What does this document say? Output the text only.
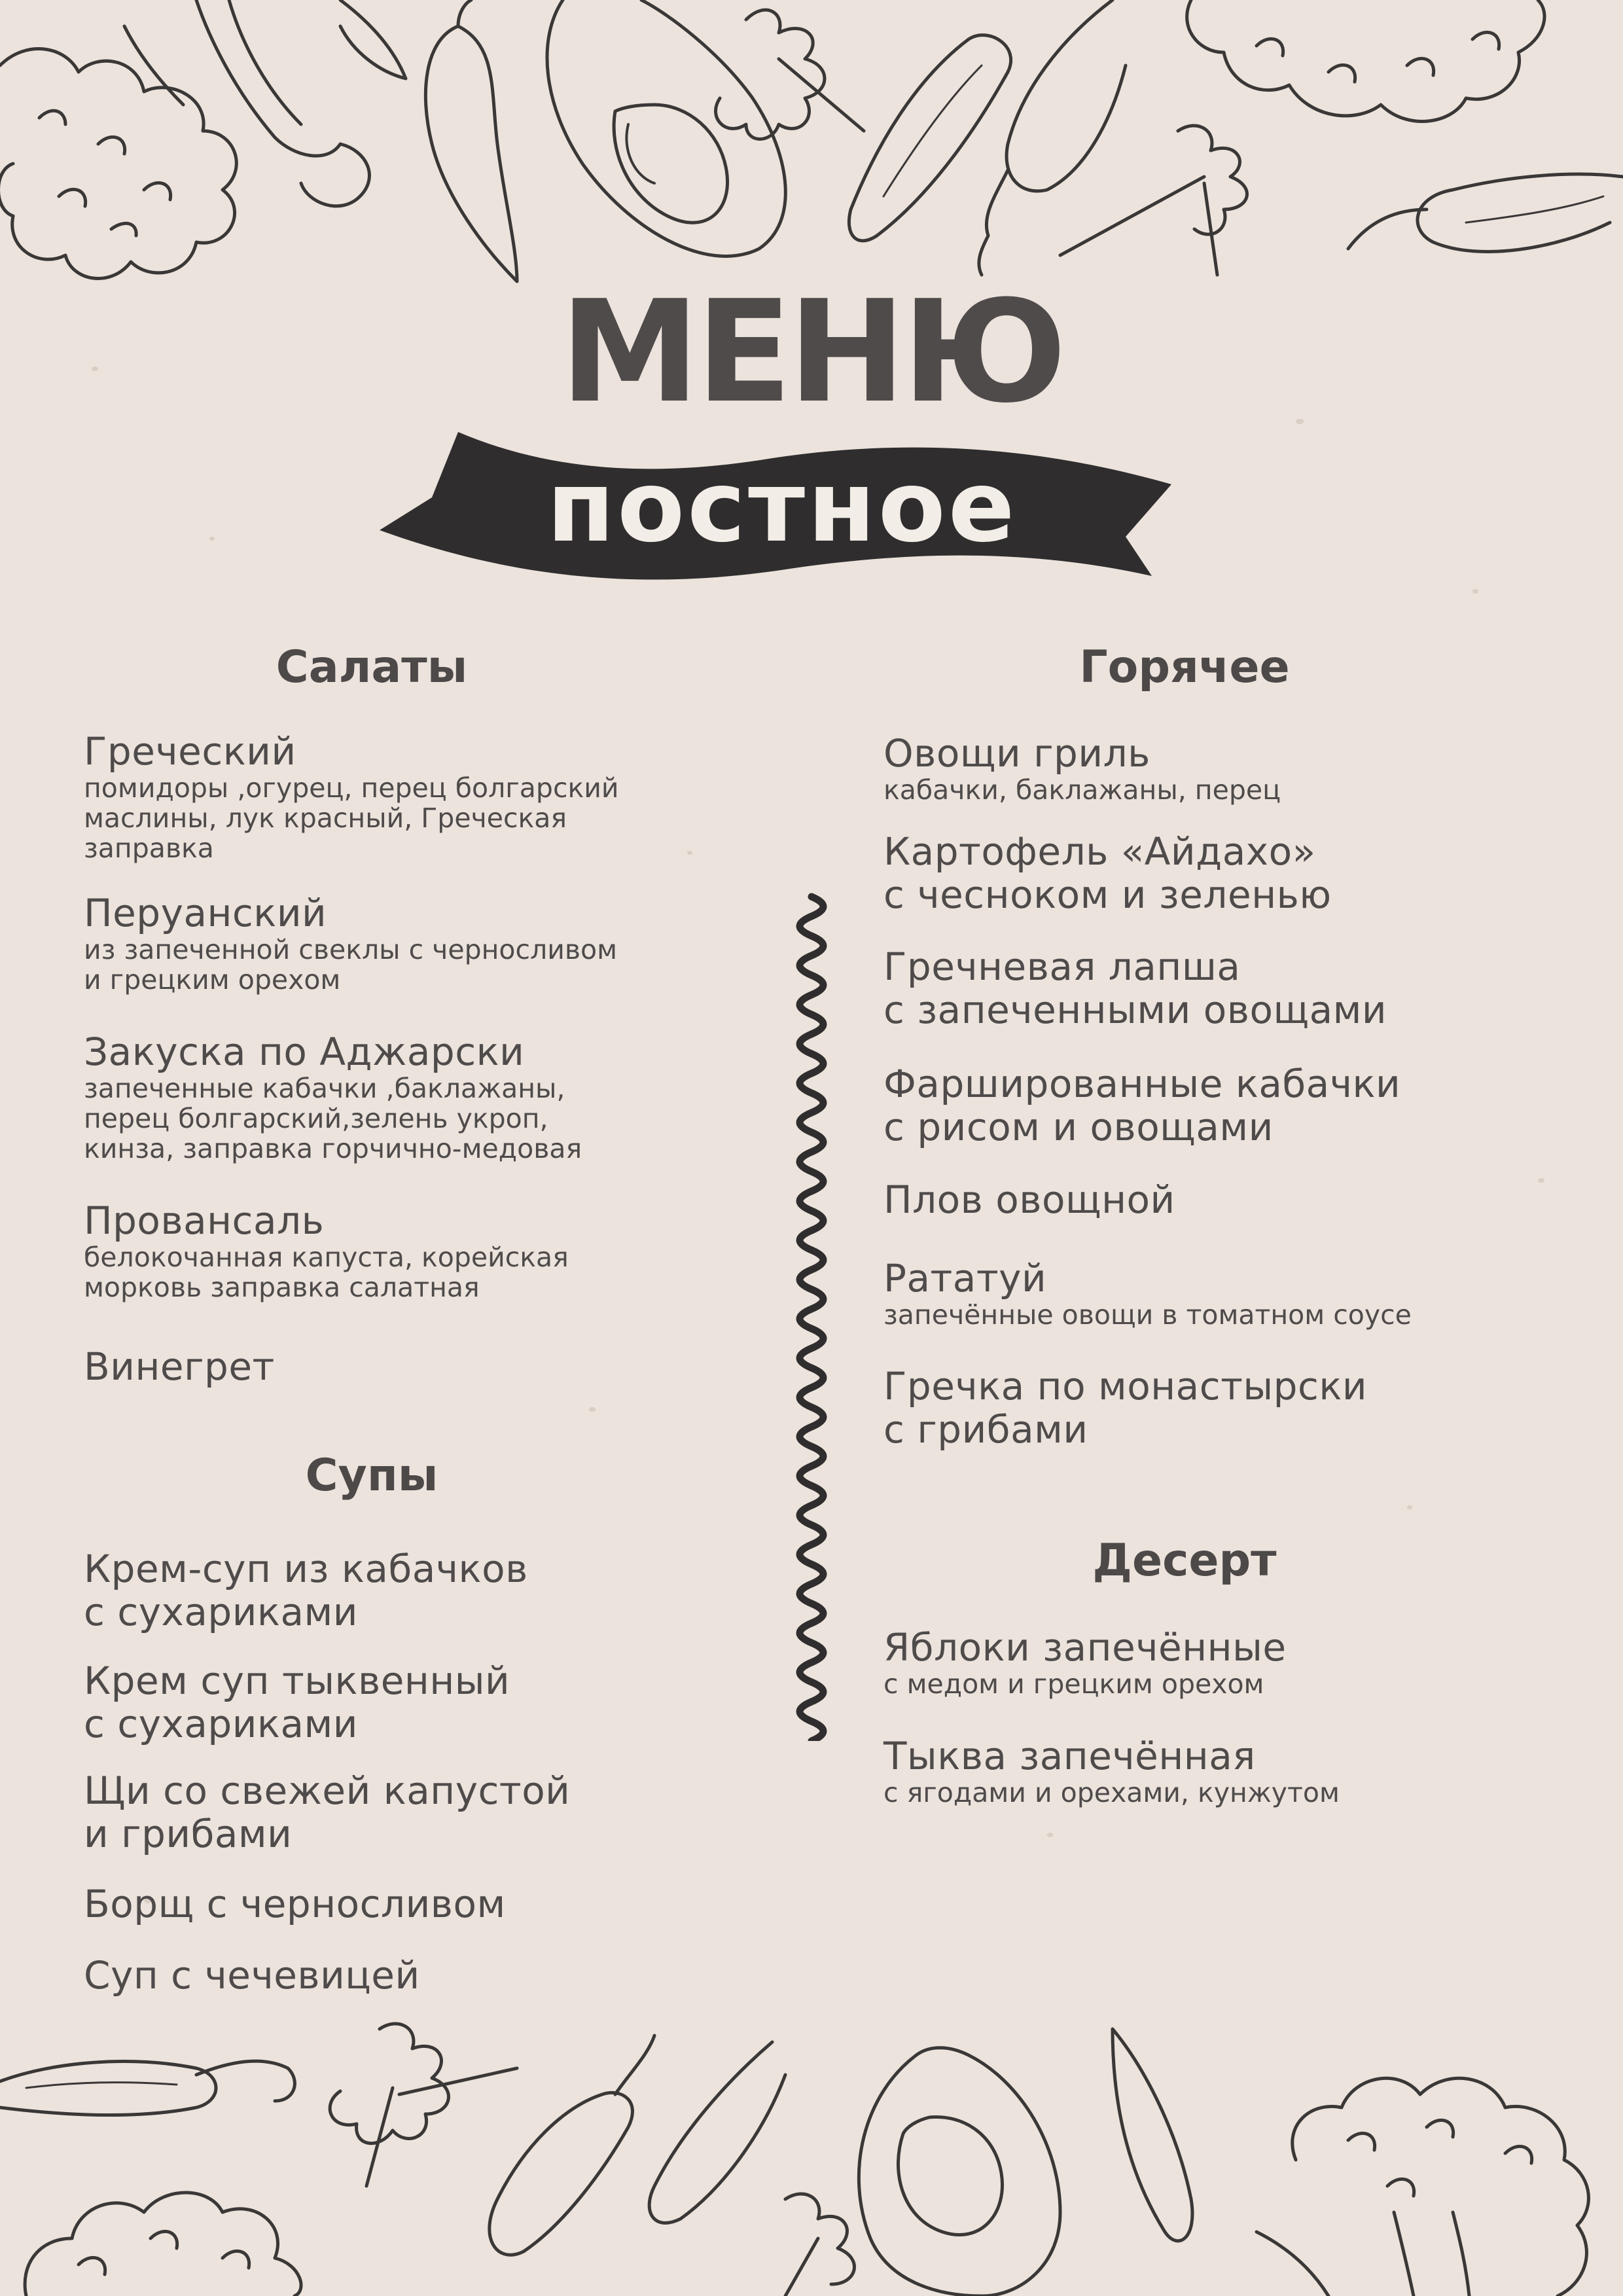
МЕНЮ
постное
Салаты
Греческий
помидоры ,огурец, перец болгарский
маслины, лук красный, Греческая
заправка
Перуанский
из запеченной свеклы с черносливом
и грецким орехом
Закуска по Аджарски
запеченные кабачки ,баклажаны,
перец болгарский,зелень укроп,
кинза, заправка горчично-медовая
Провансаль
белокочанная капуста, корейская
морковь заправка салатная
Винегрет
Супы
Крем-суп из кабачков
с сухариками
Крем суп тыквенный
с сухариками
Щи со свежей капустой
и грибами
Борщ с черносливом
Суп с чечевицей
Горячее
Овощи гриль
кабачки, баклажаны, перец
Картофель «Айдахо»
с чесноком и зеленью
Гречневая лапша
с запеченными овощами
Фаршированные кабачки
с рисом и овощами
Плов овощной
Рататуй
запечённые овощи в томатном соусе
Гречка по монастырски
с грибами
Десерт
Яблоки запечённые
с медом и грецким орехом
Тыква запечённая
с ягодами и орехами, кунжутом
